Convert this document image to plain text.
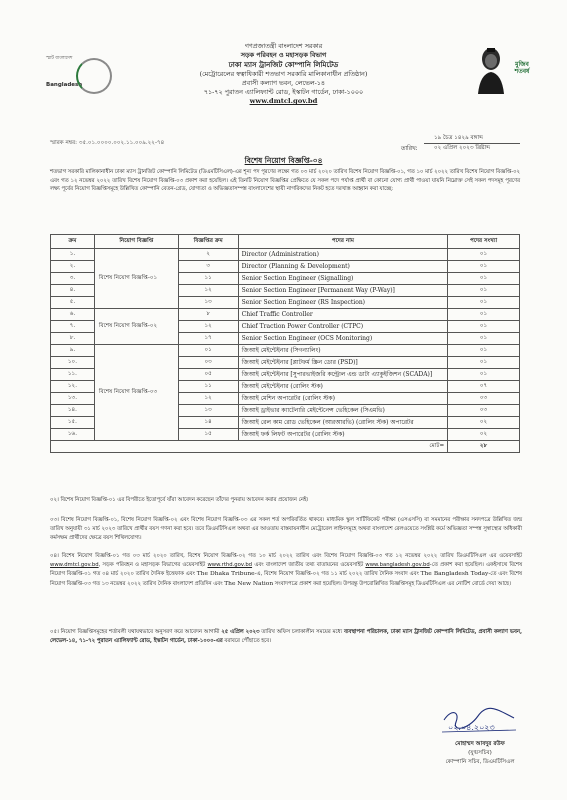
স্মার্ট বাংলাদেশ
Bangladesh
মুজিব শতবর্ষ
গণপ্রজাতন্ত্রী বাংলাদেশ সরকার
সড়ক পরিবহন ও মহাসড়ক বিভাগ
ঢাকা ম্যাস ট্রানজিট কোম্পানি লিমিটেড
(মেট্রোরেলের স্বত্বাধিকারী শতভাগ সরকারি মালিকানাধীন প্রতিষ্ঠান)
প্রবাসী কল্যাণ ভবন, লেভেল-১৪
৭১-৭২ পুরাতন এ্যালিফ্যান্ট রোড, ইস্কাটন গার্ডেন, ঢাকা-১০০০
www.dmtcl.gov.bd
স্মারক নম্বর: ৩৫.০১.০০০০.০০২.১১.০০৯.২২-৭৪
তারিখ:
১৯ চৈত্র ১৪২৯ বঙ্গাব্দ
০২ এপ্রিল ২০২৩ খ্রিষ্টাব্দ
বিশেষ নিয়োগ বিজ্ঞপ্তি-০৪
শতভাগ সরকারি মালিকানাধীন ঢাকা ম্যাস ট্রানজিট কোম্পানি লিমিটেড (ডিএমটিসিএল)-এর শূন্য পদ পূরণের লক্ষ্যে গত ০৩ মার্চ ২০২০ তারিখ বিশেষ নিয়োগ বিজ্ঞপ্তি-০১, গত ১০ মার্চ ২০২২ তারিখ বিশেষ নিয়োগ বিজ্ঞপ্তি-০২ এবং গত ১২ নভেম্বর ২০২২ তারিখ বিশেষ নিয়োগ বিজ্ঞপ্তি-০৩ প্রকাশ করা হয়েছিল। এই তিনটি নিয়োগ বিজ্ঞপ্তির প্রেক্ষিতে যে সকল পদে পর্যাপ্ত প্রার্থী বা কোনো যোগ্য প্রার্থী পাওয়া যায়নি নিম্নোক্ত সেই সকল পদসমূহ পূরণের লক্ষ্য পূর্বের নিয়োগ বিজ্ঞপ্তিসমূহে উল্লিখিত কোম্পানি বেতন-গ্রেড, যোগ্যতা ও অভিজ্ঞতাসম্পন্ন বাংলাদেশের স্থায়ী নাগরিকদের নিকট হতে দরখাস্ত আহ্বান করা যাচ্ছে:
ক্রম	নিয়োগ বিজ্ঞপ্তি	বিজ্ঞপ্তির ক্রম	পদের নাম	পদের সংখ্যা
১.	বিশেষ নিয়োগ বিজ্ঞপ্তি-০১	২	Director (Administration)	০১
২.		৩	Director (Planning & Development)	০১
৩.		১১	Senior Section Engineer (Signalling)	০১
৪.		১২	Senior Section Engineer [Permanent Way (P-Way)]	০১
৫.		১৩	Senior Section Engineer (RS Inspection)	০১
৬.	বিশেষ নিয়োগ বিজ্ঞপ্তি-০২	৮	Chief Traffic Controller	০১
৭.		১২	Chief Traction Power Controller (CTPC)	০১
৮.		১৭	Senior Section Engineer (OCS Monitoring)	০১
৯.	বিশেষ নিয়োগ বিজ্ঞপ্তি-০৩	০১	জিআই মেইন্টেইনার (সিগন্যালিং)	০১
১০.		০৩	জিআই মেইন্টেইনার [প্লাটফর্ম স্ক্রিন ডোর (PSD)]	০১
১১.		০৫	জিআই মেইন্টেইনার [সুপারভাইজরি কন্ট্রোল এন্ড ডাটা এ্যাকুইজিশন (SCADA)]	০১
১২.		১১	জিআই মেইন্টেইনার (রোলিং স্টক)	০৭
১৩.		১২	জিআই মেশিন অপারেটর (রোলিং স্টক)	০৩
১৪.		১৩	জিআই ড্রাইভার ক্যাটেনারি মেইন্টেনেন্স ভেহিকেল (সিএমভি)	০৩
১৫.		১৪	জিআই রেল কাম রোড ভেহিকেল (আরআরভি) (রোলিং স্টক) অপারেটর	০২
১৬.		১৫	জিআই ফর্ক লিফট অপারেটর (রোলিং স্টক)	০২
			মোট=	২৮
০২। বিশেষ নিয়োগ বিজ্ঞপ্তি-০১ এর বিপরীতে ইতোপূর্বে যাঁরা আবেদন করেছেন তাঁদের পুনরায় আবেদন করার প্রয়োজন নেই।
০৩। বিশেষ নিয়োগ বিজ্ঞপ্তি-০১, বিশেষ নিয়োগ বিজ্ঞপ্তি-০২ এবং বিশেষ নিয়োগ বিজ্ঞপ্তি-০৩ এর সকল শর্ত অপরিবর্তিত থাকবে। মাধ্যমিক স্কুল সার্টিফিকেট পরীক্ষা (এসএসসি) বা সমমানের পরীক্ষার সনদপত্রে উল্লিখিত জন্ম তারিখ অনুযায়ী ৩১ মার্চ ২০২৩ তারিখে প্রার্থীর বয়স গণনা করা হবে। তবে ডিএমটিসিএল অথবা এর আওতায় বাস্তবায়নাধীন মেট্রোরেল লাইনসমূহে অথবা বাংলাদেশ রেলওয়েতে সংশ্লিষ্ট কর্মে অভিজ্ঞতা সম্পন্ন সুস্বাস্থ্যের অধিকারী কর্মসক্ষম প্রার্থীদের ক্ষেত্রে বয়স শিথিলযোগ্য।
০৪। বিশেষ নিয়োগ বিজ্ঞপ্তি-০১ গত ০৩ মার্চ ২০২০ তারিখ, বিশেষ নিয়োগ বিজ্ঞপ্তি-০২ গত ১০ মার্চ ২০২২ তারিখ এবং বিশেষ নিয়োগ বিজ্ঞপ্তি-০৩ গত ১২ নভেম্বর ২০২২ তারিখ ডিএমটিসিএল এর ওয়েবসাইট www.dmtcl.gov.bd, সড়ক পরিবহন ও মহাসড়ক বিভাগের ওয়েবসাইট www.rthd.gov.bd এবং বাংলাদেশ জাতীয় তথ্য বাতায়নের ওয়েবসাইট www.bangladesh.gov.bd-তে প্রকাশ করা হয়েছিল। একইসাথে বিশেষ নিয়োগ বিজ্ঞপ্তি-০১ গত ০৪ মার্চ ২০২০ তারিখ দৈনিক ইত্তেফাক এবং The Dhaka Tribune-এ, বিশেষ নিয়োগ বিজ্ঞপ্তি-০২ গত ১১ মার্চ ২০২২ তারিখ দৈনিক সংবাদ এবং The Bangladesh Today-তে এবং বিশেষ নিয়োগ বিজ্ঞপ্তি-০৩ গত ১৩ নভেম্বর ২০২২ তারিখ দৈনিক বাংলাদেশ প্রতিদিন এবং The New Nation সংবাদপত্রে প্রকাশ করা হয়েছিল। উপরন্তু উপরোল্লিখিত বিজ্ঞপ্তিসমূহ ডিএমটিসিএল এর নোটিশ বোর্ডে দেয়া আছে।
০৫। নিয়োগ বিজ্ঞপ্তিসমূহের শর্তাবলী যথাযথভাবে অনুসরণ করে আবেদন আগামী ২৫ এপ্রিল ২০২৩ তারিখ অফিস চলাকালীন সময়ের মধ্যে ব্যবস্থাপনা পরিচালক, ঢাকা ম্যাস ট্রানজিট কোম্পানি লিমিটেড, প্রবাসী কল্যাণ ভবন, লেভেল-১৪, ৭১-৭২ পুরাতন এ্যালিফ্যান্ট রোড, ইস্কাটন গার্ডেন, ঢাকা-১০০০-এর বরাবরে পৌঁছাতে হবে।
০২.০৪.২০২৩
মোহাম্মদ আবদুর রউফ
(যুগ্মসচিব)
কোম্পানি সচিব, ডিএমটিসিএল
